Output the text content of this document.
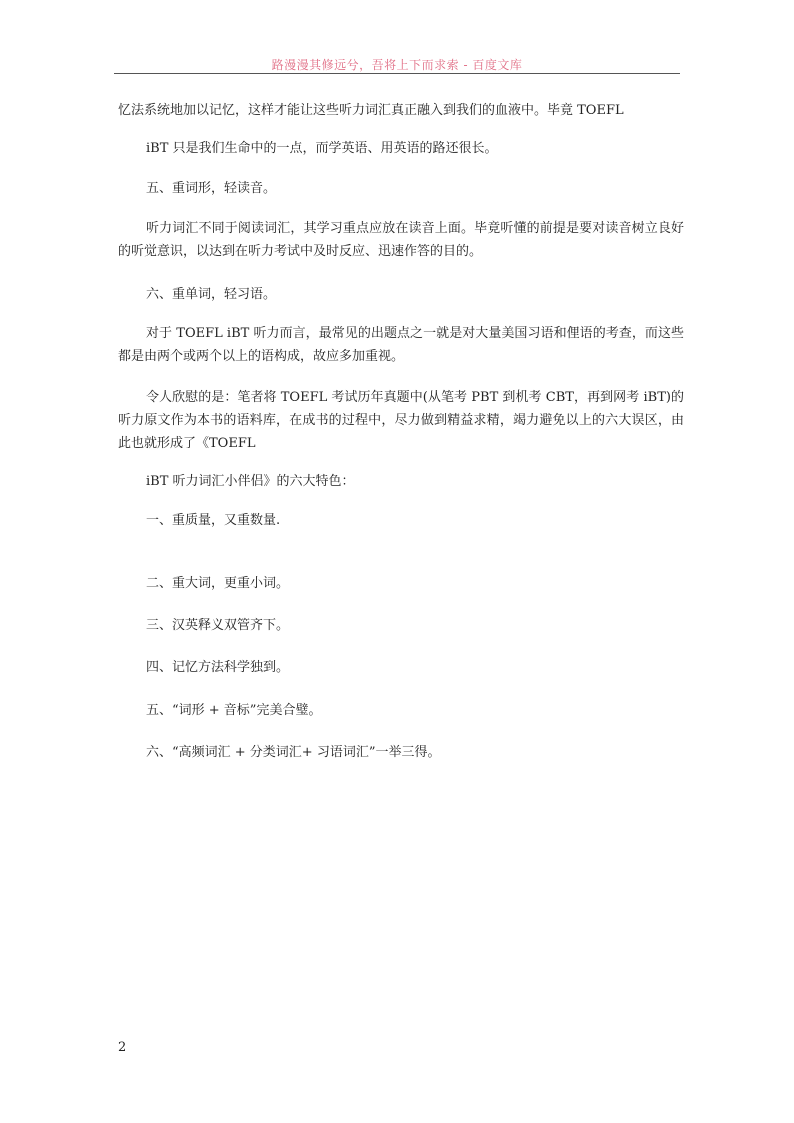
路漫漫其修远兮，吾将上下而求索 - 百度文库

忆法系统地加以记忆，这样才能让这些听力词汇真正融入到我们的血液中。毕竟 TOEFL

iBT 只是我们生命中的一点，而学英语、用英语的路还很长。

五、重词形，轻读音。

听力词汇不同于阅读词汇，其学习重点应放在读音上面。毕竟听懂的前提是要对读音树立良好的听觉意识，以达到在听力考试中及时反应、迅速作答的目的。

六、重单词，轻习语。

对于 TOEFL iBT 听力而言，最常见的出题点之一就是对大量美国习语和俚语的考查，而这些都是由两个或两个以上的语构成，故应多加重视。

令人欣慰的是：笔者将 TOEFL 考试历年真题中(从笔考 PBT 到机考 CBT，再到网考 iBT)的听力原文作为本书的语料库，在成书的过程中，尽力做到精益求精，竭力避免以上的六大误区，由此也就形成了《TOEFL

iBT 听力词汇小伴侣》的六大特色：

一、重质量，又重数量.

二、重大词，更重小词。

三、汉英释义双管齐下。

四、记忆方法科学独到。

五、“词形 + 音标”完美合璧。

六、“高频词汇 + 分类词汇+ 习语词汇”一举三得。

2
